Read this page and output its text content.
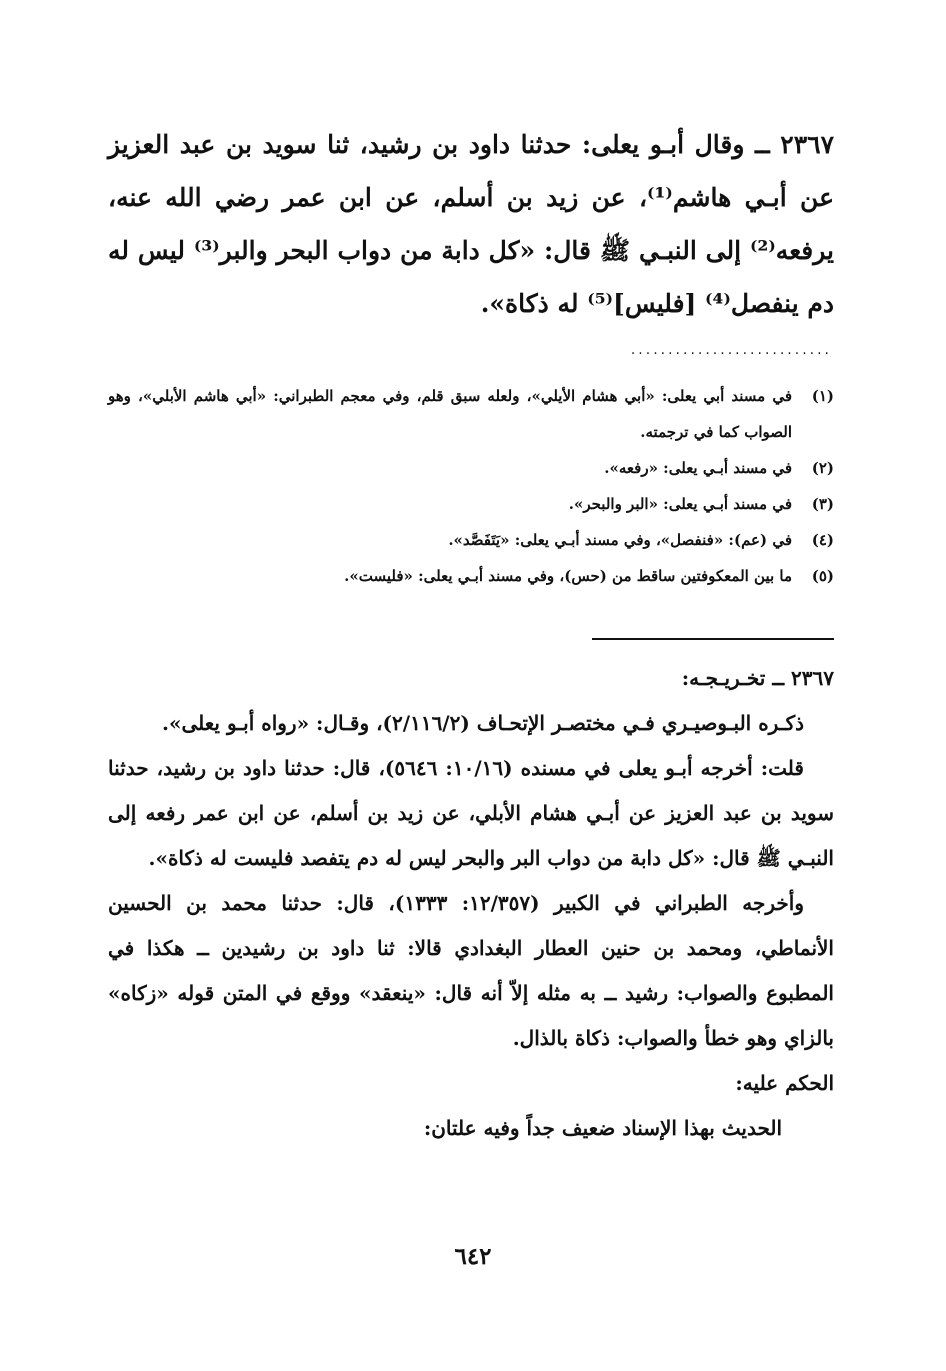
٢٣٦٧ ــ وقال أبـو يعلى: حدثنا داود بن رشيد، ثنا سويد بن عبد العزيز عن أبـي هاشم⁽¹⁾، عن زيد بن أسلم، عن ابن عمر رضي الله عنه، يرفعه⁽²⁾ إلى النبـي ﷺ قال: «كل دابة من دواب البحر والبر⁽³⁾ ليس له دم ينفصل⁽⁴⁾ [فليس]⁽⁵⁾ له ذكاة».

...........................
(١)
في مسند أبي يعلى: «أبي هشام الأيلي»، ولعله سبق قلم، وفي معجم الطبراني: «أبي هاشم الأبلي»، وهو الصواب كما في ترجمته.
(٢)
في مسند أبـي يعلى: «رفعه».
(٣)
في مسند أبـي يعلى: «البر والبحر».
(٤)
في (عم): «فنفصل»، وفي مسند أبـي يعلى: «يَتَفَصَّد».
(٥)
ما بين المعكوفتين ساقط من (حس)، وفي مسند أبـي يعلى: «فليست».

٢٣٦٧ ــ تخـريـجـه:

ذكـره البـوصيـري فـي مختصـر الإتحـاف (٢/١١٦/٢)، وقـال: «رواه أبـو يعلى».

قلت: أخرجه أبـو يعلى في مسنده (١٠/١٦: ٥٦٤٦)، قال: حدثنا داود بن رشيد، حدثنا سويد بن عبد العزيز عن أبـي هشام الأبلي، عن زيد بن أسلم، عن ابن عمر رفعه إلى النبـي ﷺ قال: «كل دابة من دواب البر والبحر ليس له دم يتفصد فليست له ذكاة».

وأخرجه الطبراني في الكبير (١٢/٣٥٧: ١٣٣٣)، قال: حدثنا محمد بن الحسين الأنماطي، ومحمد بن حنين العطار البغدادي قالا: ثنا داود بن رشيدين ــ هكذا في المطبوع والصواب: رشيد ــ به مثله إلاّ أنه قال: «ينعقد» ووقع في المتن قوله «زكاه» بالزاي وهو خطأ والصواب: ذكاة بالذال.

الحكم عليه:

الحديث بهذا الإسناد ضعيف جداً وفيه علتان:

٦٤٢
